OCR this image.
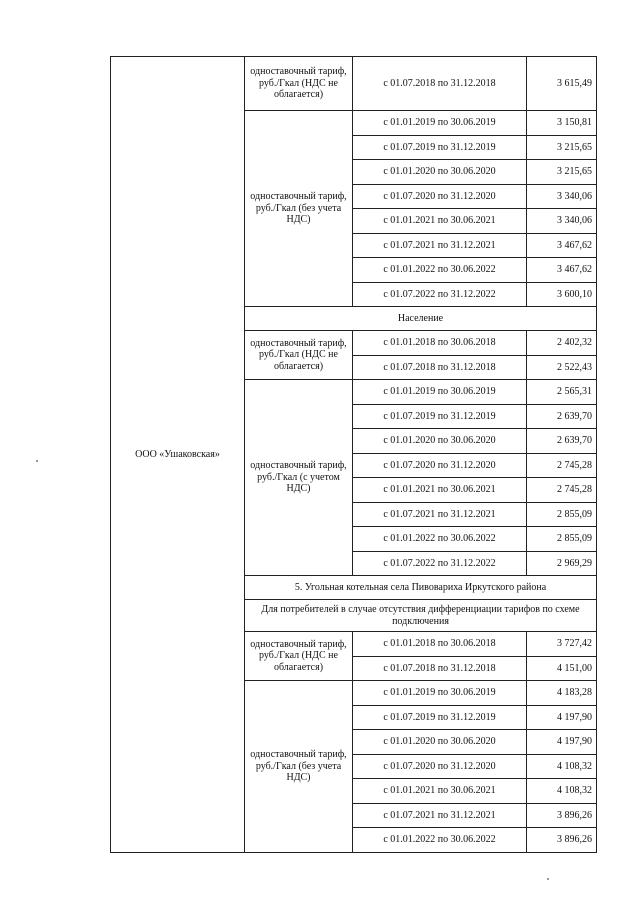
ООО «Ушаковская»	одноставочный тариф, руб./Гкал (НДС не облагается)	с 01.07.2018 по 31.12.2018	3 615,49
	одноставочный тариф, руб./Гкал (без учета НДС)	с 01.01.2019 по 30.06.2019	3 150,81
		с 01.07.2019 по 31.12.2019	3 215,65
		с 01.01.2020 по 30.06.2020	3 215,65
		с 01.07.2020 по 31.12.2020	3 340,06
		с 01.01.2021 по 30.06.2021	3 340,06
		с 01.07.2021 по 31.12.2021	3 467,62
		с 01.01.2022 по 30.06.2022	3 467,62
		с 01.07.2022 по 31.12.2022	3 600,10
	Население		
	одноставочный тариф, руб./Гкал (НДС не облагается)	с 01.01.2018 по 30.06.2018	2 402,32
		с 01.07.2018 по 31.12.2018	2 522,43
	одноставочный тариф, руб./Гкал (с учетом НДС)	с 01.01.2019 по 30.06.2019	2 565,31
		с 01.07.2019 по 31.12.2019	2 639,70
		с 01.01.2020 по 30.06.2020	2 639,70
		с 01.07.2020 по 31.12.2020	2 745,28
		с 01.01.2021 по 30.06.2021	2 745,28
		с 01.07.2021 по 31.12.2021	2 855,09
		с 01.01.2022 по 30.06.2022	2 855,09
		с 01.07.2022 по 31.12.2022	2 969,29
	5. Угольная котельная села Пивовариха Иркутского района		
	Для потребителей в случае отсутствия дифференциации тарифов по схеме подключения		
	одноставочный тариф, руб./Гкал (НДС не облагается)	с 01.01.2018 по 30.06.2018	3 727,42
		с 01.07.2018 по 31.12.2018	4 151,00
	одноставочный тариф, руб./Гкал (без учета НДС)	с 01.01.2019 по 30.06.2019	4 183,28
		с 01.07.2019 по 31.12.2019	4 197,90
		с 01.01.2020 по 30.06.2020	4 197,90
		с 01.07.2020 по 31.12.2020	4 108,32
		с 01.01.2021 по 30.06.2021	4 108,32
		с 01.07.2021 по 31.12.2021	3 896,26
		с 01.01.2022 по 30.06.2022	3 896,26
